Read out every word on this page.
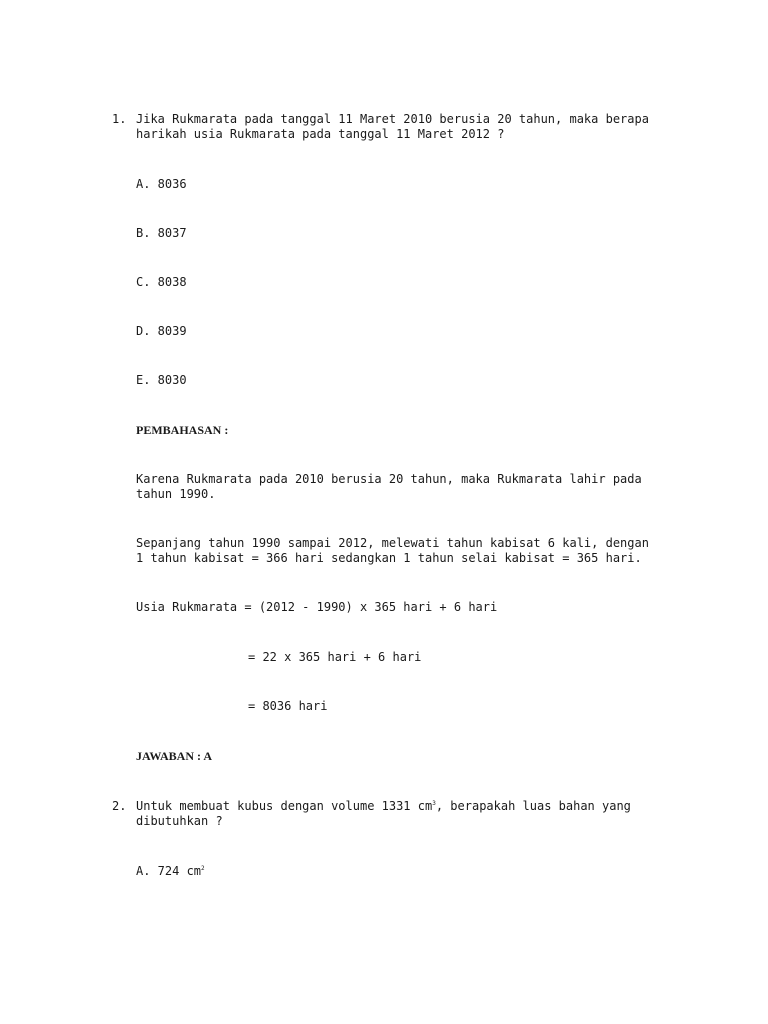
1. Jika Rukmarata pada tanggal 11 Maret 2010 berusia 20 tahun, maka berapa
harikah usia Rukmarata pada tanggal 11 Maret 2012 ?
A. 8036
B. 8037
C. 8038
D. 8039
E. 8030
PEMBAHASAN :
Karena Rukmarata pada 2010 berusia 20 tahun, maka Rukmarata lahir pada
tahun 1990.
Sepanjang tahun 1990 sampai 2012, melewati tahun kabisat 6 kali, dengan
1 tahun kabisat = 366 hari sedangkan 1 tahun selai kabisat = 365 hari.
Usia Rukmarata = (2012 - 1990) x 365 hari + 6 hari
= 22 x 365 hari + 6 hari
= 8036 hari
JAWABAN : A
2. Untuk membuat kubus dengan volume 1331 $cm^3$, berapakah luas bahan yang
dibutuhkan ?
A. 724 $cm^2$
